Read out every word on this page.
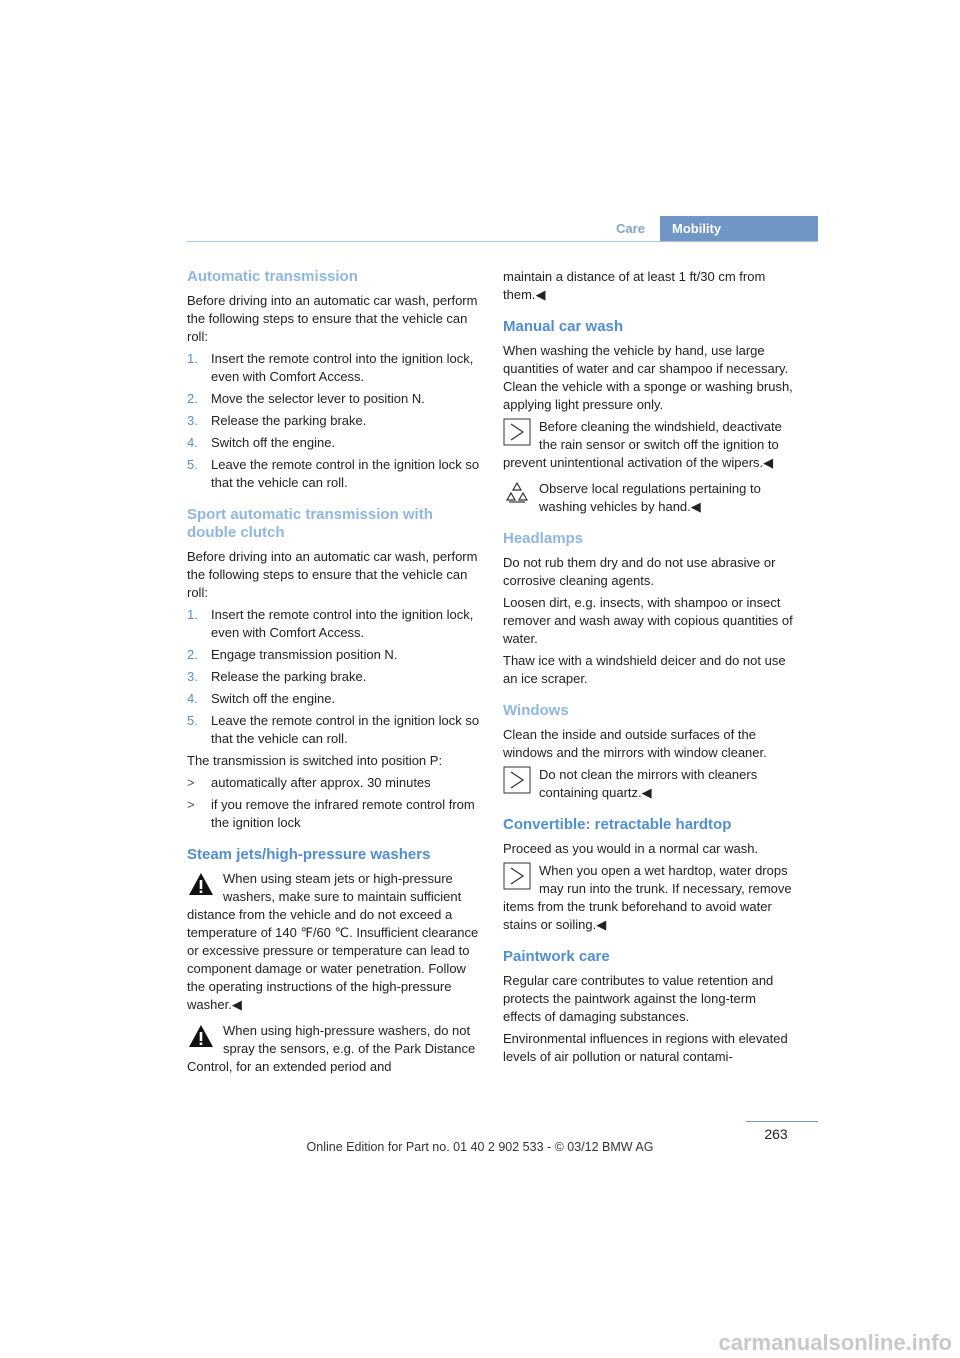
Care	Mobility
Automatic transmission

Before driving into an automatic car wash, perform the following steps to ensure that the vehicle can roll:

1.	Insert the remote control into the ignition lock, even with Comfort Access.
2.	Move the selector lever to position N.
3.	Release the parking brake.
4.	Switch off the engine.
5.	Leave the remote control in the ignition lock so that the vehicle can roll.
Sport automatic transmission with double clutch

Before driving into an automatic car wash, perform the following steps to ensure that the vehicle can roll:

1.	Insert the remote control into the ignition lock, even with Comfort Access.
2.	Engage transmission position N.
3.	Release the parking brake.
4.	Switch off the engine.
5.	Leave the remote control in the ignition lock so that the vehicle can roll.

The transmission is switched into position P:

>	automatically after approx. 30 minutes
>	if you remove the infrared remote control from the ignition lock
Steam jets/high-pressure washers
When using steam jets or high-pressure washers, make sure to maintain sufficient distance from the vehicle and do not exceed a temperature of 140 ℉/60 ℃. Insufficient clearance or excessive pressure or temperature can lead to component damage or water penetration. Follow the operating instructions of the high-pressure washer.◀
When using high-pressure washers, do not spray the sensors, e.g. of the Park Distance Control, for an extended period and

maintain a distance of at least 1 ft/30 cm from them.◀

Manual car wash

When washing the vehicle by hand, use large quantities of water and car shampoo if necessary. Clean the vehicle with a sponge or washing brush, applying light pressure only.

Before cleaning the windshield, deactivate the rain sensor or switch off the ignition to prevent unintentional activation of the wipers.◀
Observe local regulations pertaining to washing vehicles by hand.◀
Headlamps

Do not rub them dry and do not use abrasive or corrosive cleaning agents.

Loosen dirt, e.g. insects, with shampoo or insect remover and wash away with copious quantities of water.

Thaw ice with a windshield deicer and do not use an ice scraper.

Windows

Clean the inside and outside surfaces of the windows and the mirrors with window cleaner.

Do not clean the mirrors with cleaners containing quartz.◀
Convertible: retractable hardtop

Proceed as you would in a normal car wash.

When you open a wet hardtop, water drops may run into the trunk. If necessary, remove items from the trunk beforehand to avoid water stains or soiling.◀
Paintwork care

Regular care contributes to value retention and protects the paintwork against the long-term effects of damaging substances.

Environmental influences in regions with elevated levels of air pollution or natural contami-

263
Online Edition for Part no. 01 40 2 902 533 - © 03/12 BMW AG
carmanualsonline.info
